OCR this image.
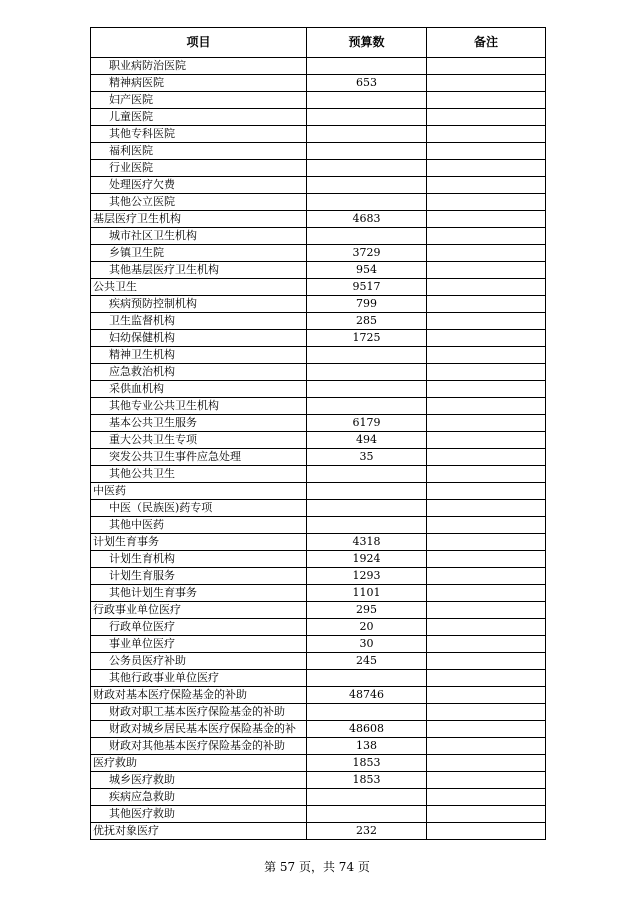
项目	预算数	备注
职业病防治医院		
精神病医院	653	
妇产医院		
儿童医院		
其他专科医院		
福利医院		
行业医院		
处理医疗欠费		
其他公立医院		
基层医疗卫生机构	4683	
城市社区卫生机构		
乡镇卫生院	3729	
其他基层医疗卫生机构	954	
公共卫生	9517	
疾病预防控制机构	799	
卫生监督机构	285	
妇幼保健机构	1725	
精神卫生机构		
应急救治机构		
采供血机构		
其他专业公共卫生机构		
基本公共卫生服务	6179	
重大公共卫生专项	494	
突发公共卫生事件应急处理	35	
其他公共卫生		
中医药		
中医（民族医)药专项		
其他中医药		
计划生育事务	4318	
计划生育机构	1924	
计划生育服务	1293	
其他计划生育事务	1101	
行政事业单位医疗	295	
行政单位医疗	20	
事业单位医疗	30	
公务员医疗补助	245	
其他行政事业单位医疗		
财政对基本医疗保险基金的补助	48746	
财政对职工基本医疗保险基金的补助		
财政对城乡居民基本医疗保险基金的补	48608	
财政对其他基本医疗保险基金的补助	138	
医疗救助	1853	
城乡医疗救助	1853	
疾病应急救助		
其他医疗救助		
优抚对象医疗	232	
第 57 页，共 74 页
